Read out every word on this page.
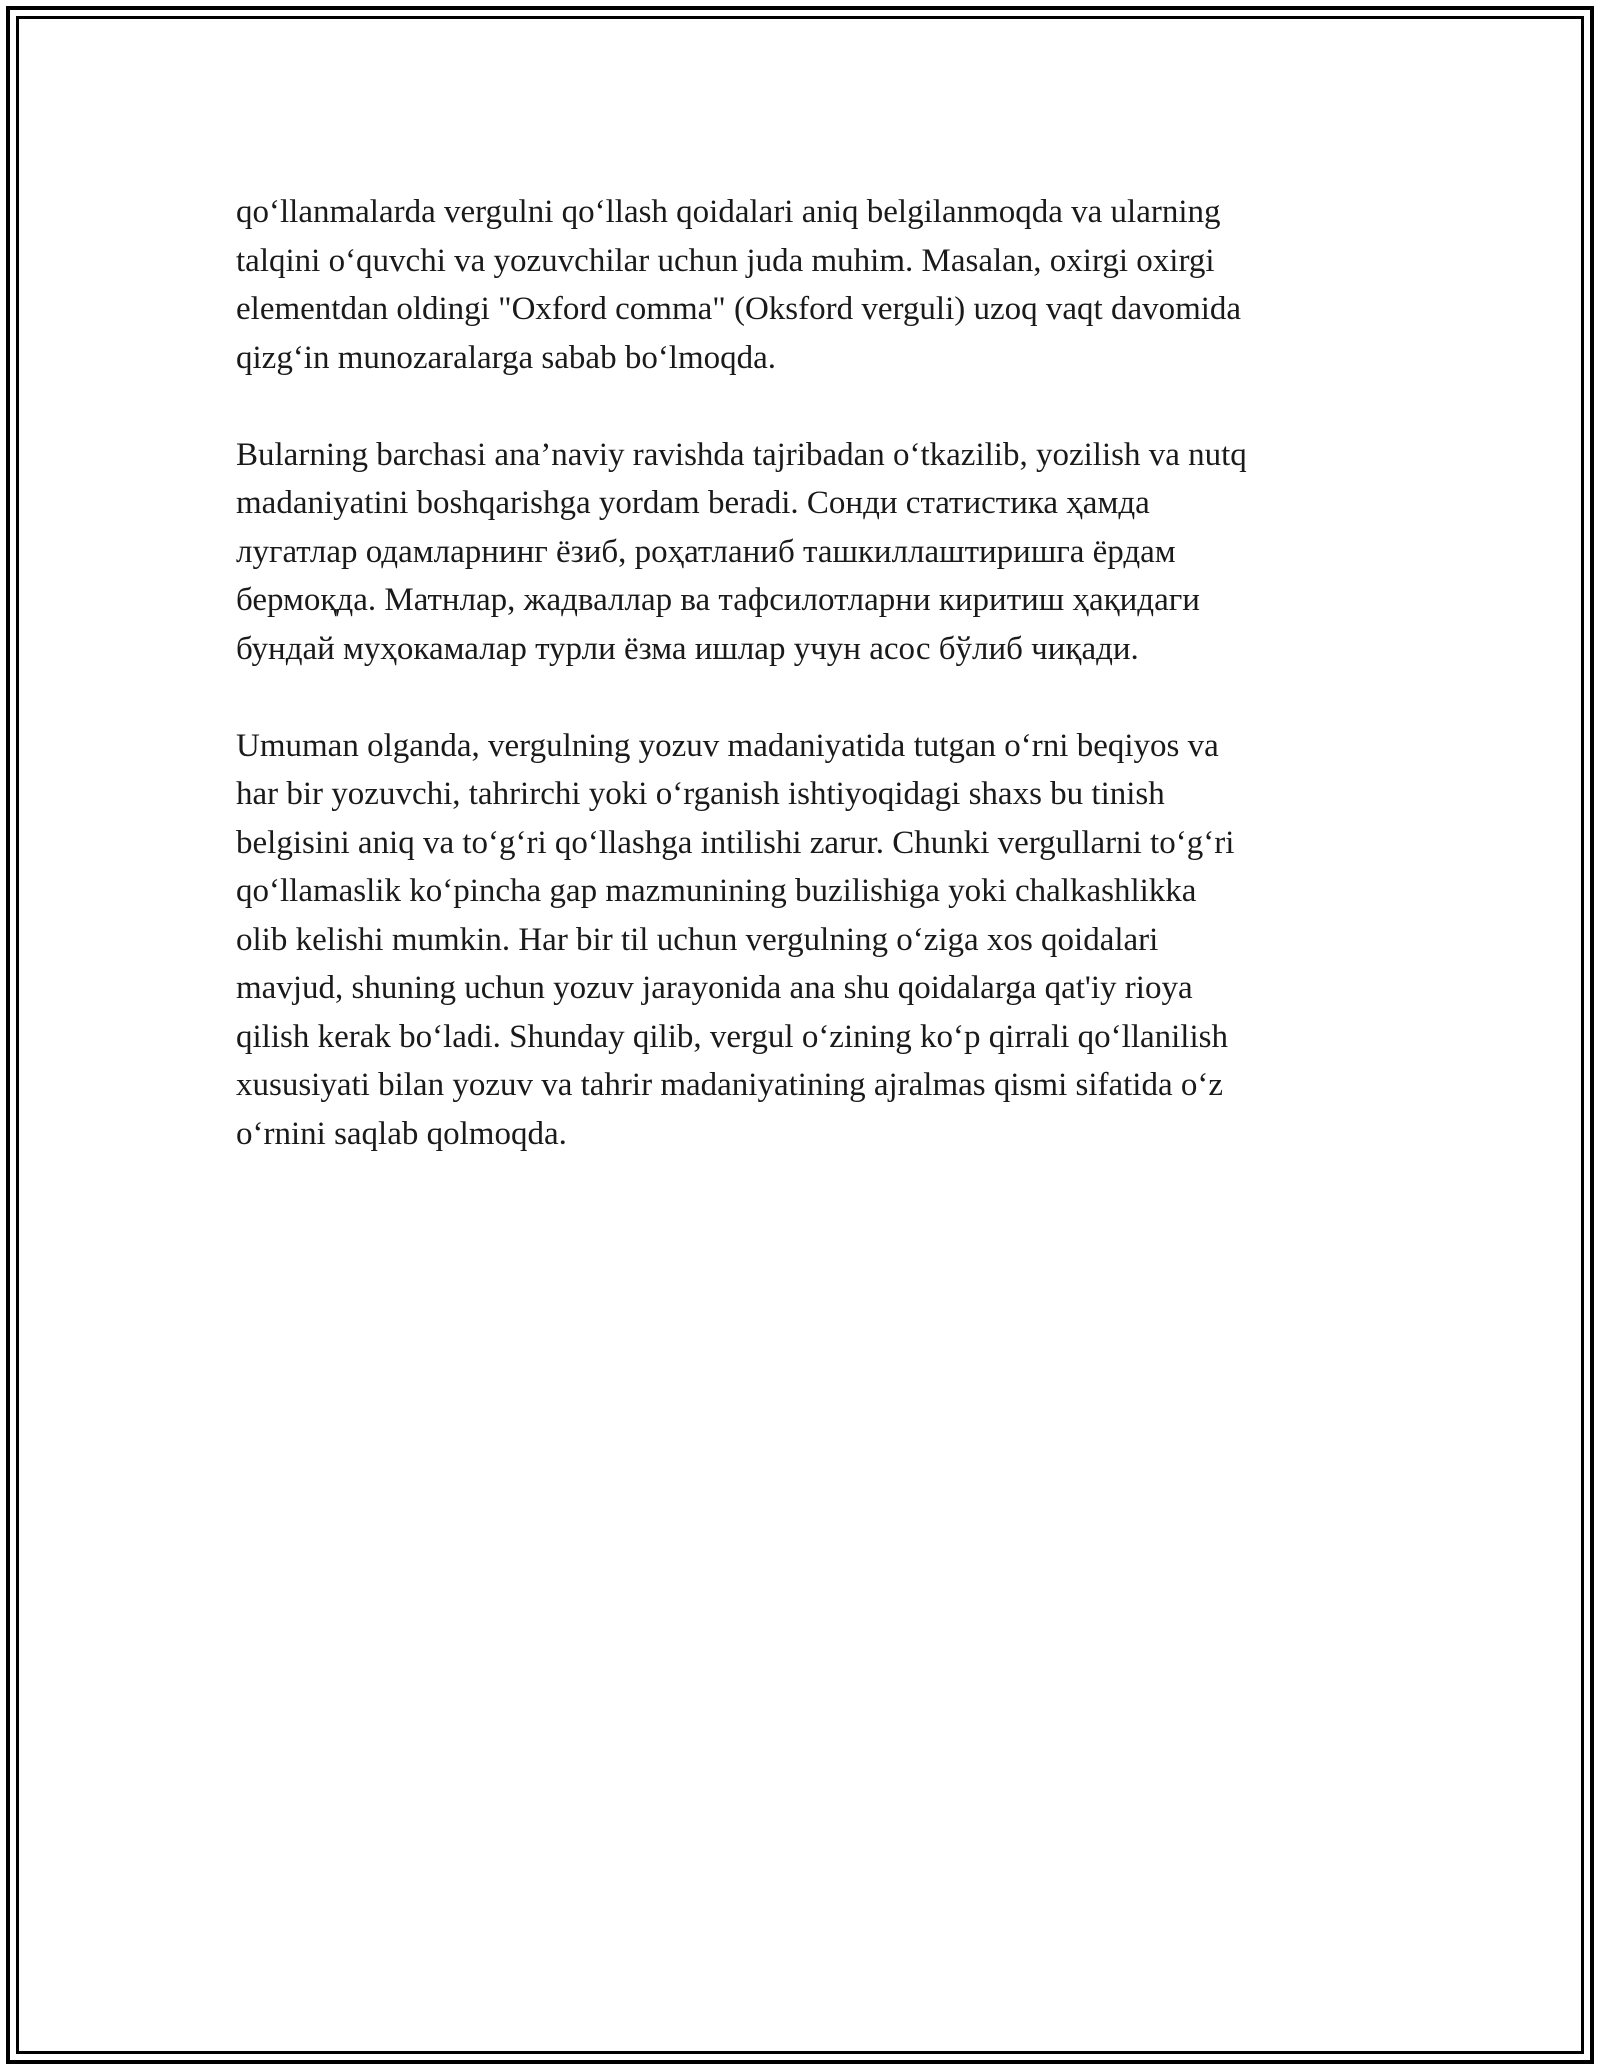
qo‘llanmalarda vergulni qo‘llash qoidalari aniq belgilanmoqda va ularning
talqini o‘quvchi va yozuvchilar uchun juda muhim. Masalan, oxirgi oxirgi
elementdan oldingi "Oxford comma" (Oksford verguli) uzoq vaqt davomida
qizg‘in munozaralarga sabab bo‘lmoqda.

Bularning barchasi ana’naviy ravishda tajribadan o‘tkazilib, yozilish va nutq
madaniyatini boshqarishga yordam beradi. Сонди статистика ҳамда
лугатлар одамларнинг ёзиб, роҳатланиб ташкиллаштиришга ёрдам
бермоқда. Матнлар, жадваллар ва тафсилотларни киритиш ҳақидаги
бундай муҳокамалар турли ёзма ишлар учун асос бўлиб чиқади.

Umuman olganda, vergulning yozuv madaniyatida tutgan o‘rni beqiyos va
har bir yozuvchi, tahrirchi yoki o‘rganish ishtiyoqidagi shaxs bu tinish
belgisini aniq va to‘g‘ri qo‘llashga intilishi zarur. Chunki vergullarni to‘g‘ri
qo‘llamaslik ko‘pincha gap mazmunining buzilishiga yoki chalkashlikka
olib kelishi mumkin. Har bir til uchun vergulning o‘ziga xos qoidalari
mavjud, shuning uchun yozuv jarayonida ana shu qoidalarga qat'iy rioya
qilish kerak bo‘ladi. Shunday qilib, vergul o‘zining ko‘p qirrali qo‘llanilish
xususiyati bilan yozuv va tahrir madaniyatining ajralmas qismi sifatida o‘z
o‘rnini saqlab qolmoqda.
